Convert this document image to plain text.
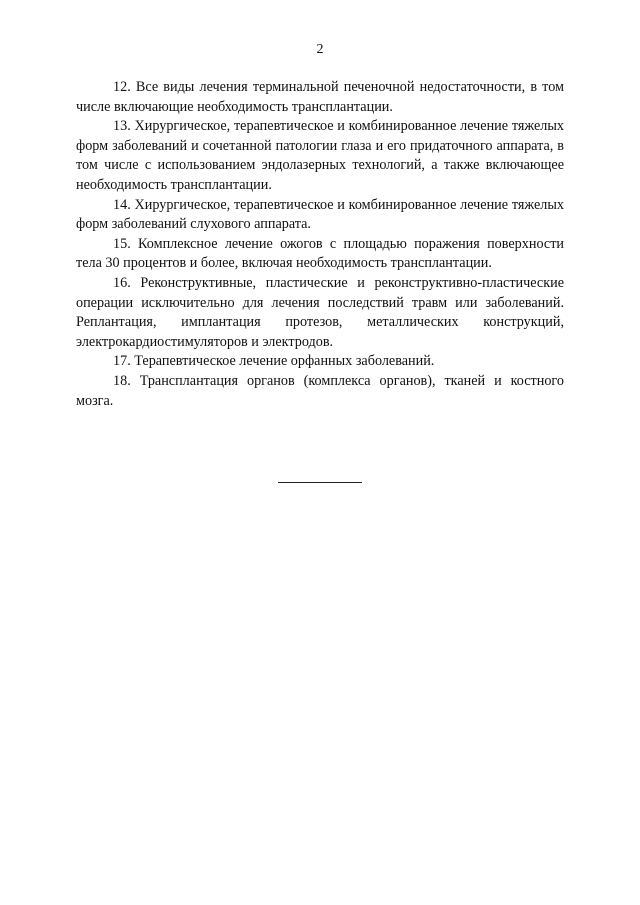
2

12. Все виды лечения терминальной печеночной недостаточности, в том числе включающие необходимость трансплантации.

13. Хирургическое, терапевтическое и комбинированное лечение тяжелых форм заболеваний и сочетанной патологии глаза и его придаточного аппарата, в том числе с использованием эндолазерных технологий, а также включающее необходимость трансплантации.

14. Хирургическое, терапевтическое и комбинированное лечение тяжелых форм заболеваний слухового аппарата.

15. Комплексное лечение ожогов с площадью поражения поверхности тела 30 процентов и более, включая необходимость трансплантации.

16. Реконструктивные, пластические и реконструктивно-пластические операции исключительно для лечения последствий травм или заболеваний. Реплантация, имплантация протезов, металлических конструкций, электрокардиостимуляторов и электродов.

17. Терапевтическое лечение орфанных заболеваний.

18. Трансплантация органов (комплекса органов), тканей и костного мозга.
